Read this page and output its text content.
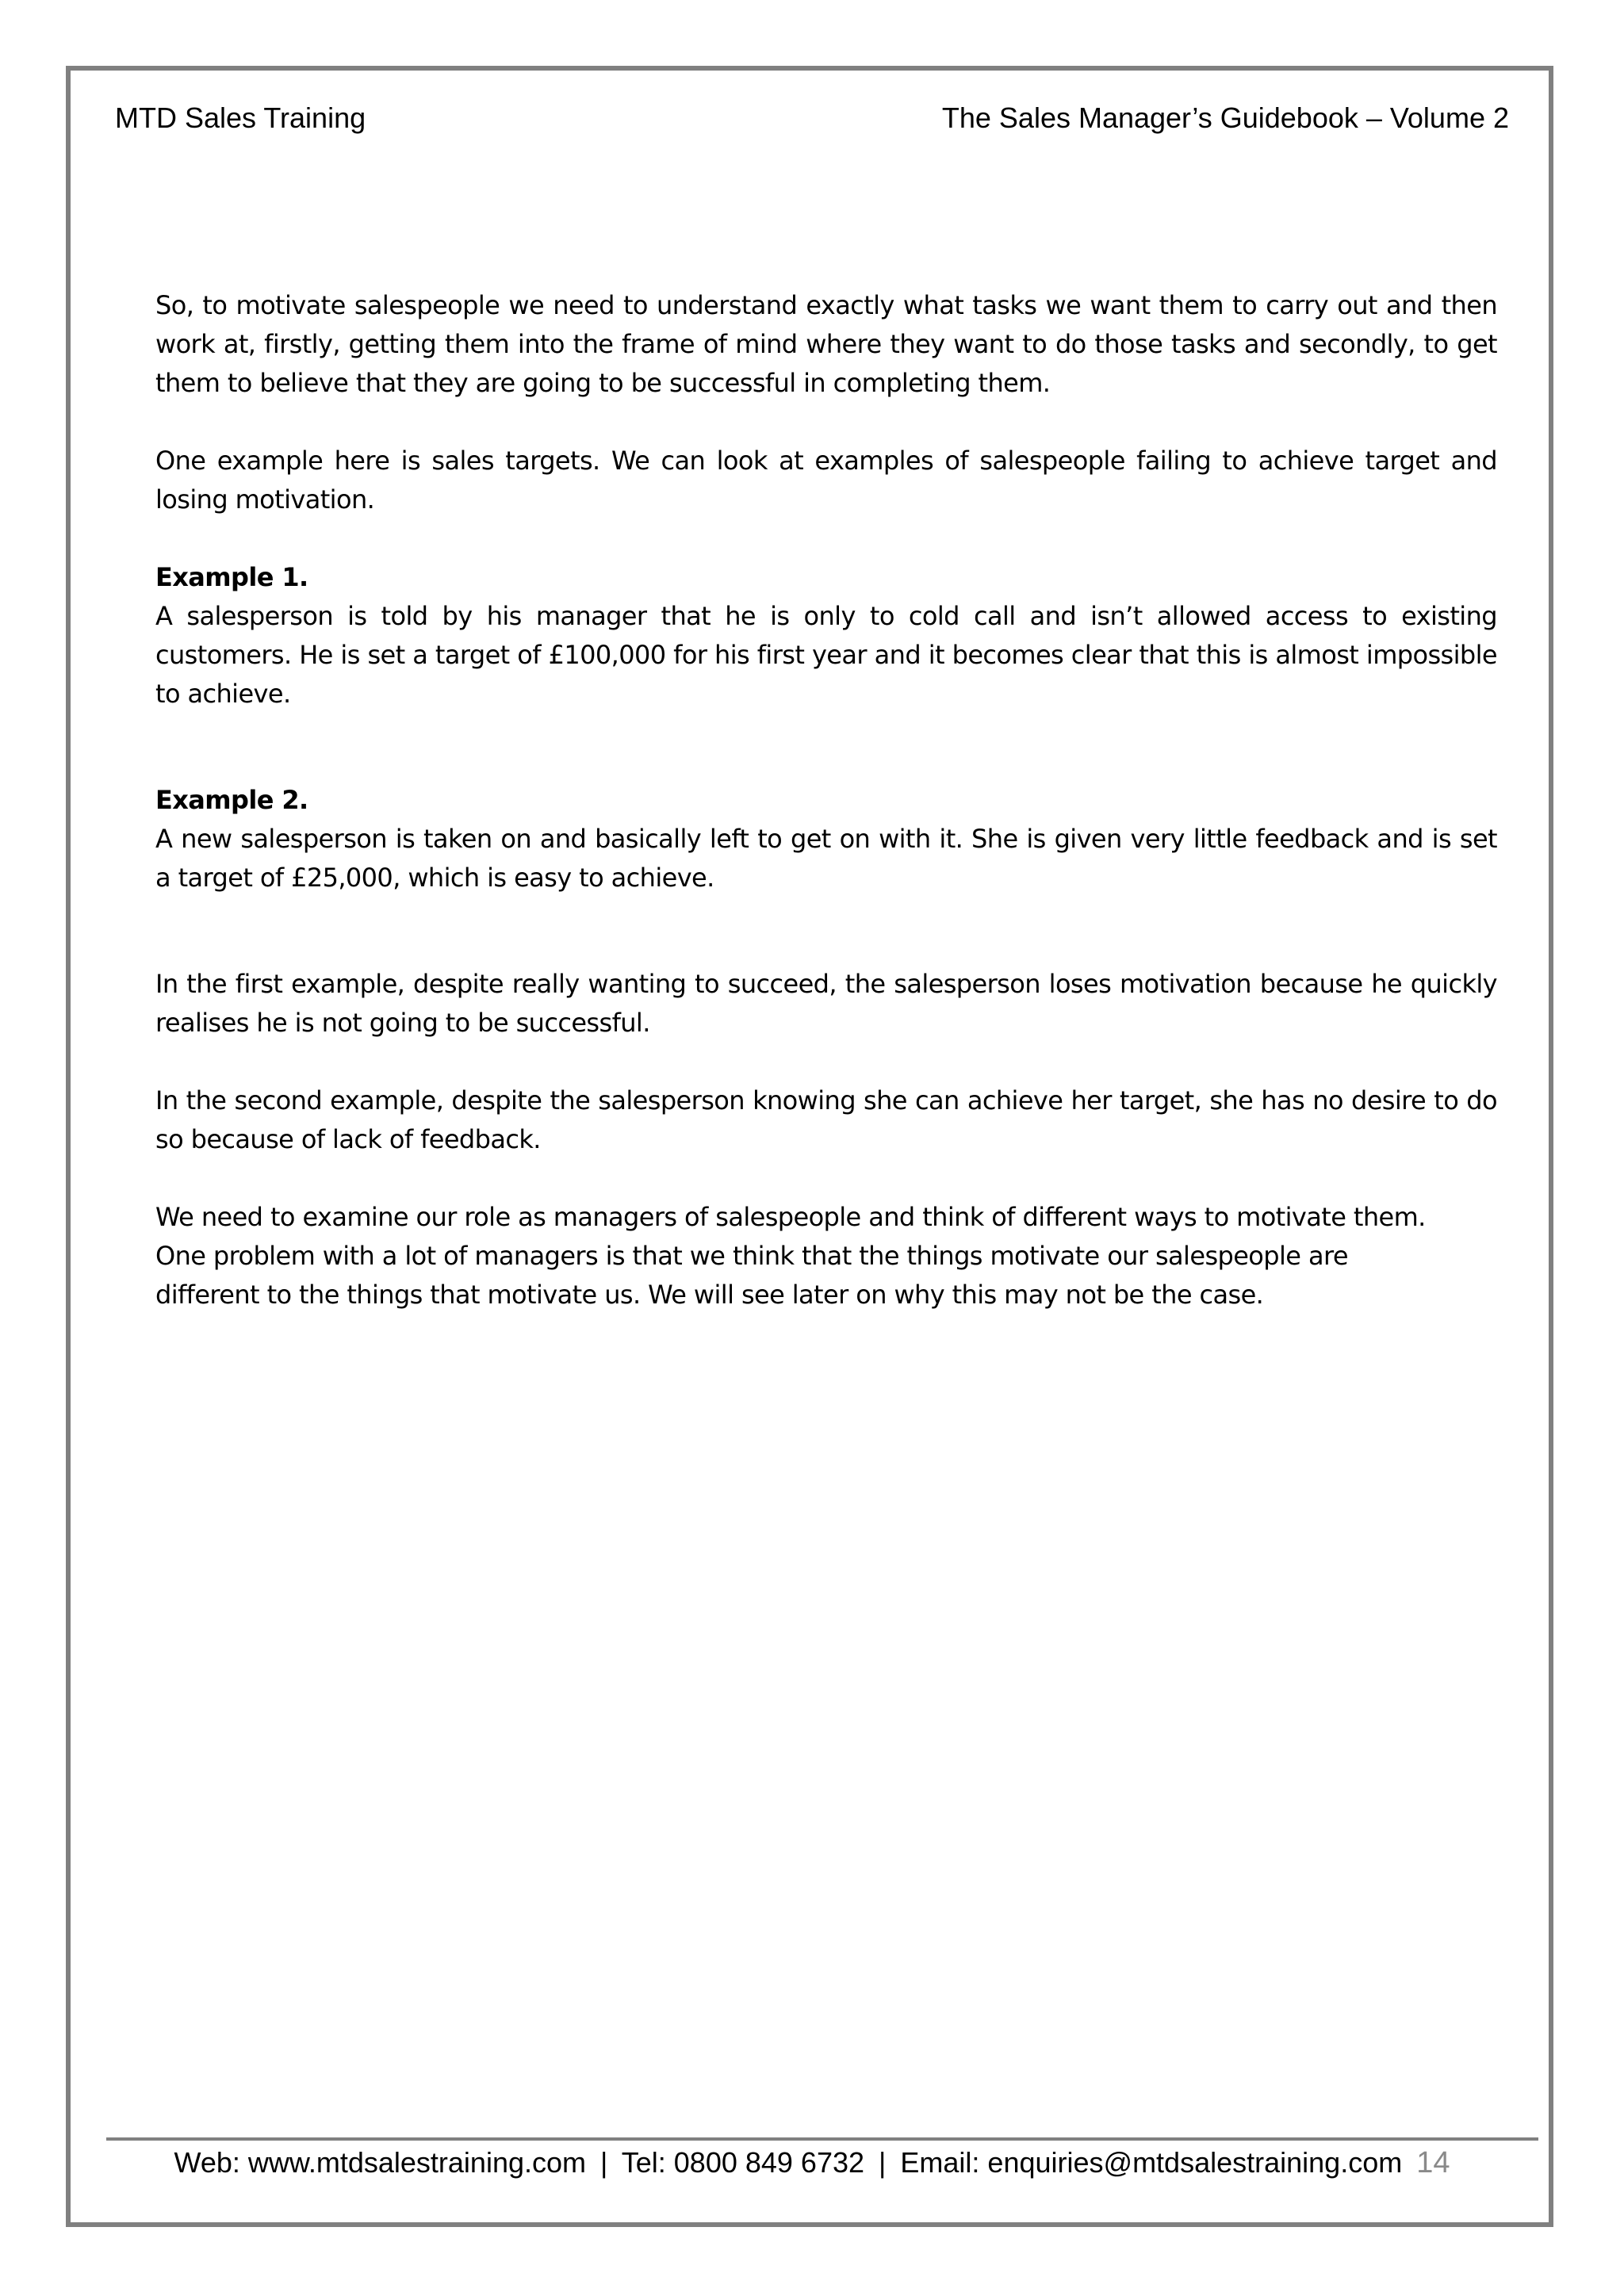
MTD Sales Training	The Sales Manager’s Guidebook – Volume 2

So, to motivate salespeople we need to understand exactly what tasks we want them to carry out and then work at, firstly, getting them into the frame of mind where they want to do those tasks and secondly, to get them to believe that they are going to be successful in completing them.

One example here is sales targets. We can look at examples of salespeople failing to achieve target and losing motivation.

Example 1.

A salesperson is told by his manager that he is only to cold call and isn’t allowed access to existing customers. He is set a target of £100,000 for his first year and it becomes clear that this is almost impossible to achieve.

Example 2.

A new salesperson is taken on and basically left to get on with it. She is given very little feedback and is set a target of £25,000, which is easy to achieve.

In the first example, despite really wanting to succeed, the salesperson loses motivation because he quickly realises he is not going to be successful.

In the second example, despite the salesperson knowing she can achieve her target, she has no desire to do so because of lack of feedback.

We need to examine our role as managers of salespeople and think of different ways to motivate them.
One problem with a lot of managers is that we think that the things motivate our salespeople are
different to the things that motivate us. We will see later on why this may not be the case.

Web: www.mtdsalestraining.com | Tel: 0800 849 6732 | Email: enquiries@mtdsalestraining.com 14
